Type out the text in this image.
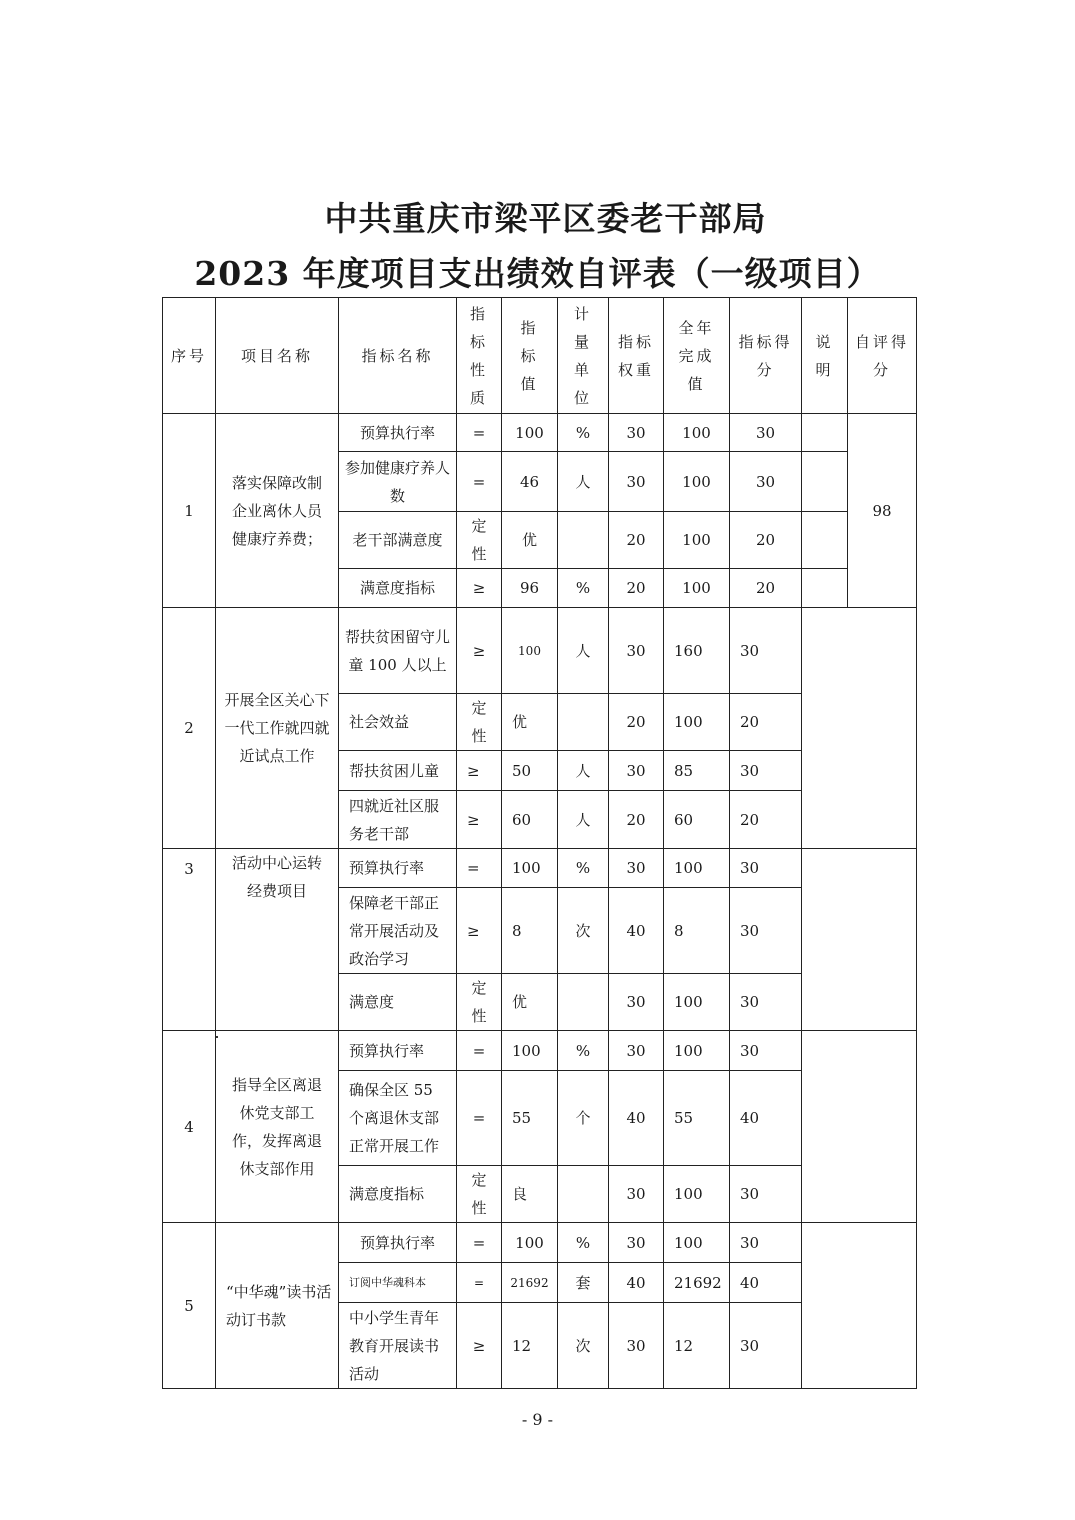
中共重庆市梁平区委老干部局
2023 年度项目支出绩效自评表（一级项目）
序号	项目名称	指标名称	指标性质	指标值	计量单位	指标权重	全年完成值	指标得分	说明	自评得分
1	落实保障改制企业离休人员健康疗养费；	预算执行率	=	100	%	30	100	30		98
		参加健康疗养人数	=	46	人	30	100	30		
		老干部满意度	定性	优		20	100	20		
		满意度指标	≥	96	%	20	100	20		
2	开展全区关心下一代工作就四就近试点工作	帮扶贫困留守儿童 100 人以上	≥	100	人	30	160	30		
		社会效益	定性	优		20	100	20		
		帮扶贫困儿童	≥	50	人	30	85	30		
		四就近社区服务老干部	≥	60	人	20	60	20		
3	活动中心运转经费项目	预算执行率	=	100	%	30	100	30		
		保障老干部正常开展活动及政治学习	≥	8	次	40	8	30		
		满意度	定性	优		30	100	30		
4	指导全区离退休党支部工作，发挥离退休支部作用	预算执行率	=	100	%	30	100	30		
		确保全区 55 个离退休支部正常开展工作	=	55	个	40	55	40		
		满意度指标	定性	良		30	100	30		
5	“中华魂”读书活动订书款	预算执行率	=	100	%	30	100	30		
		订阅中华魂科本	=	21692	套	40	21692	40		
		中小学生青年教育开展读书活动	≥	12	次	30	12	30		
- 9 -
